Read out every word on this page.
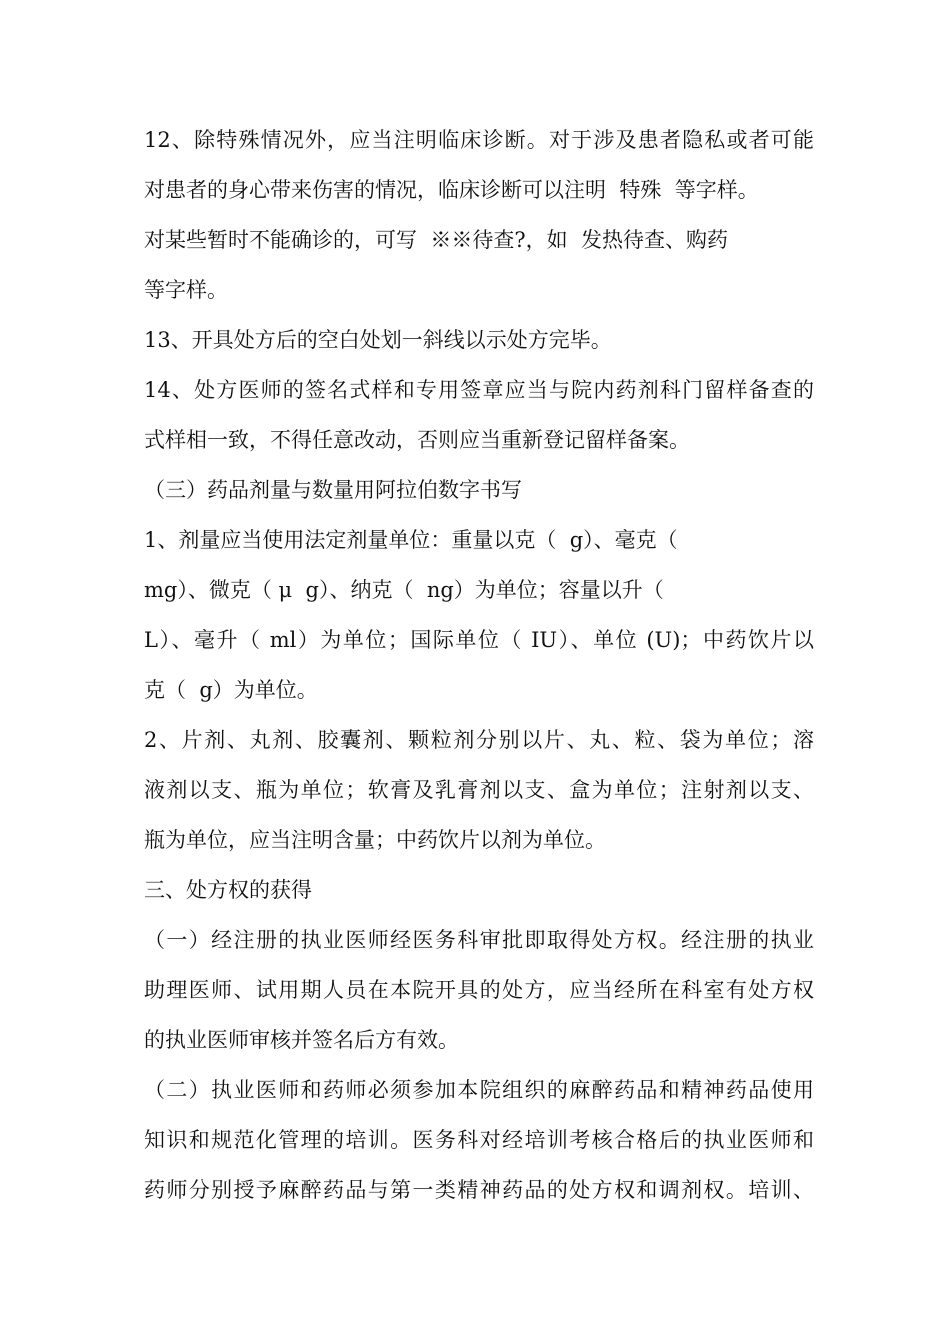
12、除特殊情况外，应当注明临床诊断。对于涉及患者隐私或者可能
对患者的身心带来伤害的情况，临床诊断可以注明  特殊  等字样。
对某些暂时不能确诊的，可写  ※※待查?，如  发热待查、购药
等字样。
13、开具处方后的空白处划一斜线以示处方完毕。
14、处方医师的签名式样和专用签章应当与院内药剂科门留样备查的
式样相一致，不得任意改动，否则应当重新登记留样备案。
（三）药品剂量与数量用阿拉伯数字书写
1、剂量应当使用法定剂量单位：重量以克（  g）、毫克（
mg）、微克（ μ  g）、纳克（  ng）为单位；容量以升（
L）、毫升（ ml）为单位；国际单位（ IU）、单位 (U)；中药饮片以
克（  g）为单位。
2、片剂、丸剂、胶囊剂、颗粒剂分别以片、丸、粒、袋为单位；溶
液剂以支、瓶为单位；软膏及乳膏剂以支、盒为单位；注射剂以支、
瓶为单位，应当注明含量；中药饮片以剂为单位。
三、处方权的获得
（一）经注册的执业医师经医务科审批即取得处方权。经注册的执业
助理医师、试用期人员在本院开具的处方，应当经所在科室有处方权
的执业医师审核并签名后方有效。
（二）执业医师和药师必须参加本院组织的麻醉药品和精神药品使用
知识和规范化管理的培训。医务科对经培训考核合格后的执业医师和
药师分别授予麻醉药品与第一类精神药品的处方权和调剂权。培训、
